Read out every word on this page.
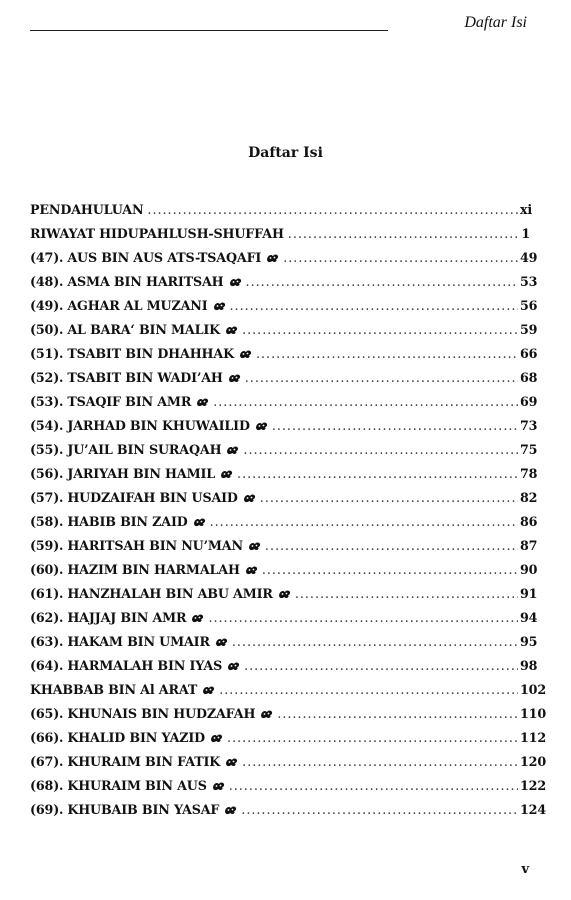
Daftar Isi
Daftar Isi
PENDAHULUAN .....	xi
RIWAYAT HIDUPAHLUSH-SHUFFAH .....	1
(47). AUS BIN AUS ATS-TSAQAFI .....	49
(48). ASMA BIN HARITSAH .....	53
(49). AGHAR AL MUZANI .....	56
(50). AL BARA‘ BIN MALIK .....	59
(51). TSABIT BIN DHAHHAK .....	66
(52). TSABIT BIN WADI’AH .....	68
(53). TSAQIF BIN AMR .....	69
(54). JARHAD BIN KHUWAILID .....	73
(55). JU’AIL BIN SURAQAH .....	75
(56). JARIYAH BIN HAMIL .....	78
(57). HUDZAIFAH BIN USAID .....	82
(58). HABIB BIN ZAID .....	86
(59). HARITSAH BIN NU’MAN .....	87
(60). HAZIM BIN HARMALAH .....	90
(61). HANZHALAH BIN ABU AMIR .....	91
(62). HAJJAJ BIN AMR .....	94
(63). HAKAM BIN UMAIR .....	95
(64). HARMALAH BIN IYAS .....	98
KHABBAB BIN Al ARAT .....	102
(65). KHUNAIS BIN HUDZAFAH .....	110
(66). KHALID BIN YAZID .....	112
(67). KHURAIM BIN FATIK .....	120
(68). KHURAIM BIN AUS .....	122
(69). KHUBAIB BIN YASAF .....	124
v
